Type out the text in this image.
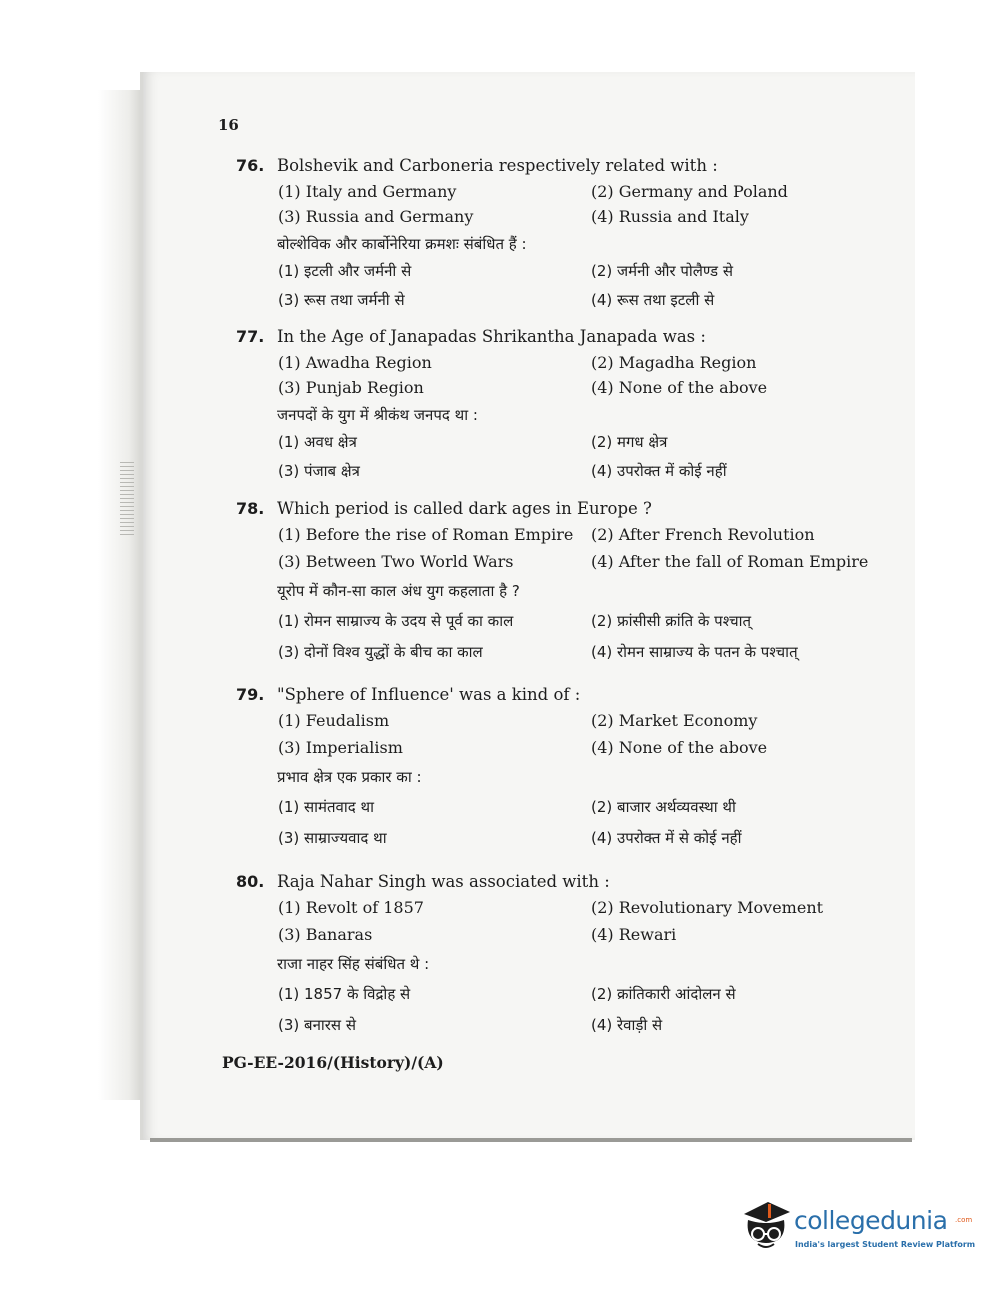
16
76. Bolshevik and Carboneria respectively related with :
(1) Italy and Germany	(2) Germany and Poland
(3) Russia and Germany	(4) Russia and Italy
बोल्शेविक और कार्बोनेरिया क्रमशः संबंधित हैं :
(1) इटली और जर्मनी से	(2) जर्मनी और पोलैण्ड से
(3) रूस तथा जर्मनी से	(4) रूस तथा इटली से
77. In the Age of Janapadas Shrikantha Janapada was :
(1) Awadha Region	(2) Magadha Region
(3) Punjab Region	(4) None of the above
जनपदों के युग में श्रीकंथ जनपद था :
(1) अवध क्षेत्र	(2) मगध क्षेत्र
(3) पंजाब क्षेत्र	(4) उपरोक्त में कोई नहीं
78. Which period is called dark ages in Europe ?
(1) Before the rise of Roman Empire (2) After French Revolution
(3) Between Two World Wars	(4) After the fall of Roman Empire
यूरोप में कौन-सा काल अंध युग कहलाता है ?
(1) रोमन साम्राज्य के उदय से पूर्व का काल	(2) फ्रांसीसी क्रांति के पश्चात्
(3) दोनों विश्व युद्धों के बीच का काल	(4) रोमन साम्राज्य के पतन के पश्चात्
79. "Sphere of Influence' was a kind of :
(1) Feudalism	(2) Market Economy
(3) Imperialism	(4) None of the above
प्रभाव क्षेत्र एक प्रकार का :
(1) सामंतवाद था	(2) बाजार अर्थव्यवस्था थी
(3) साम्राज्यवाद था	(4) उपरोक्त में से कोई नहीं
80. Raja Nahar Singh was associated with :
(1) Revolt of 1857	(2) Revolutionary Movement
(3) Banaras	(4) Rewari
राजा नाहर सिंह संबंधित थे :
(1) 1857 के विद्रोह से	(2) क्रांतिकारी आंदोलन से
(3) बनारस से	(4) रेवाड़ी से
PG-EE-2016/(History)/(A)
collegedunia .com
India's largest Student Review Platform
